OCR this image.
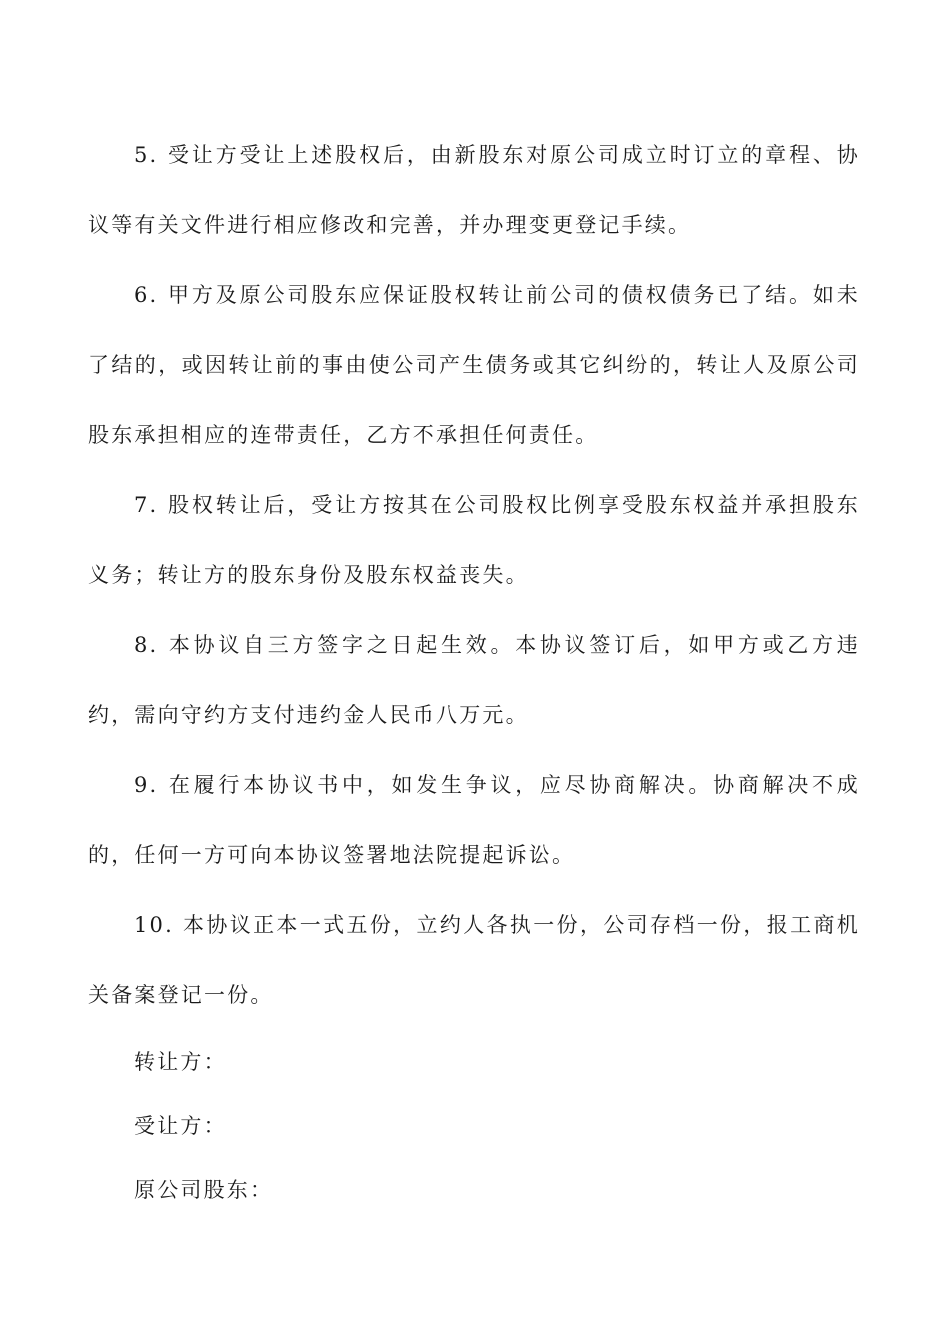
5. 受让方受让上述股权后，由新股东对原公司成立时订立的章程、协议等有关文件进行相应修改和完善，并办理变更登记手续。

6. 甲方及原公司股东应保证股权转让前公司的债权债务已了结。如未了结的，或因转让前的事由使公司产生债务或其它纠纷的，转让人及原公司股东承担相应的连带责任，乙方不承担任何责任。

7. 股权转让后，受让方按其在公司股权比例享受股东权益并承担股东义务；转让方的股东身份及股东权益丧失。

8. 本协议自三方签字之日起生效。本协议签订后，如甲方或乙方违约，需向守约方支付违约金人民币八万元。

9. 在履行本协议书中，如发生争议，应尽协商解决。协商解决不成的，任何一方可向本协议签署地法院提起诉讼。

10. 本协议正本一式五份，立约人各执一份，公司存档一份，报工商机关备案登记一份。

转让方：

受让方：

原公司股东：
